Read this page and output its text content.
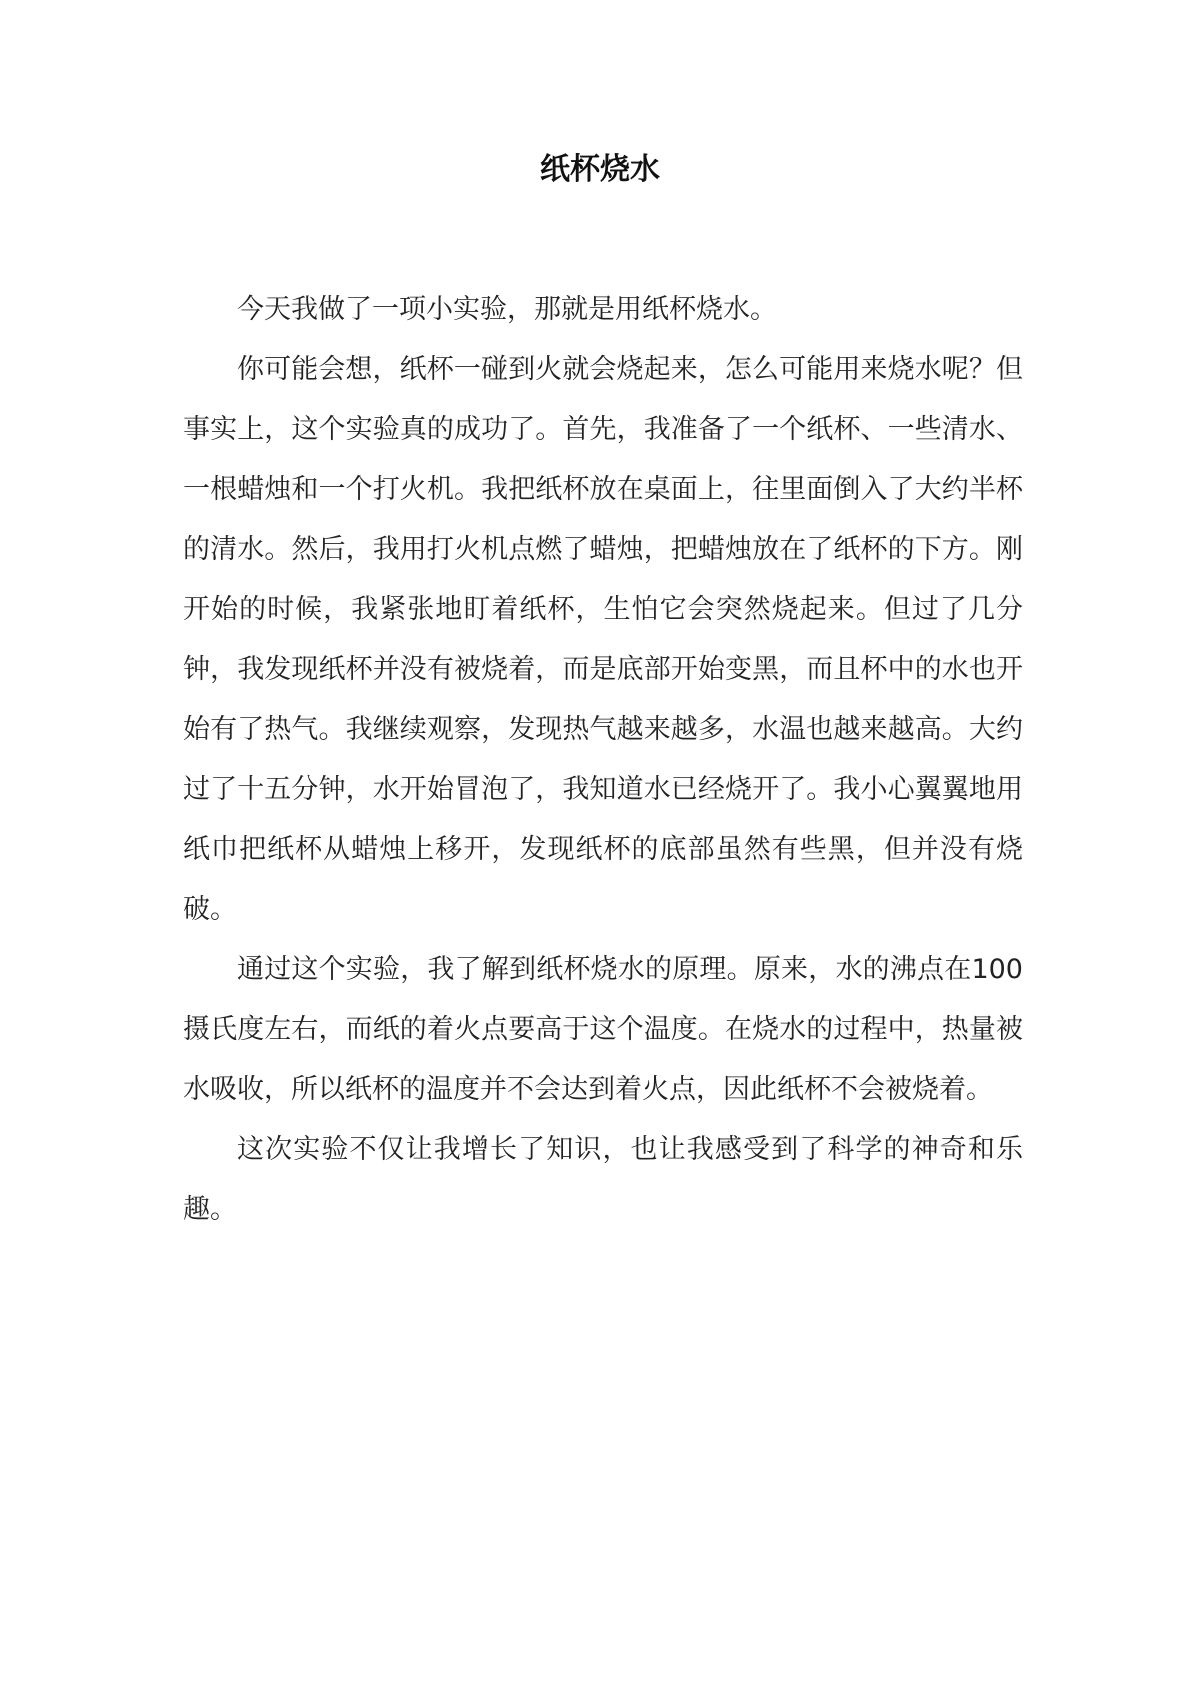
纸杯烧水

今天我做了一项小实验，那就是用纸杯烧水。

你可能会想，纸杯一碰到火就会烧起来，怎么可能用来烧水呢？但事实上，这个实验真的成功了。首先，我准备了一个纸杯、一些清水、一根蜡烛和一个打火机。我把纸杯放在桌面上，往里面倒入了大约半杯的清水。然后，我用打火机点燃了蜡烛，把蜡烛放在了纸杯的下方。刚开始的时候，我紧张地盯着纸杯，生怕它会突然烧起来。但过了几分钟，我发现纸杯并没有被烧着，而是底部开始变黑，而且杯中的水也开始有了热气。我继续观察，发现热气越来越多，水温也越来越高。大约过了十五分钟，水开始冒泡了，我知道水已经烧开了。我小心翼翼地用纸巾把纸杯从蜡烛上移开，发现纸杯的底部虽然有些黑，但并没有烧破。

通过这个实验，我了解到纸杯烧水的原理。原来，水的沸点在100摄氏度左右，而纸的着火点要高于这个温度。在烧水的过程中，热量被水吸收，所以纸杯的温度并不会达到着火点，因此纸杯不会被烧着。

这次实验不仅让我增长了知识，也让我感受到了科学的神奇和乐趣。
